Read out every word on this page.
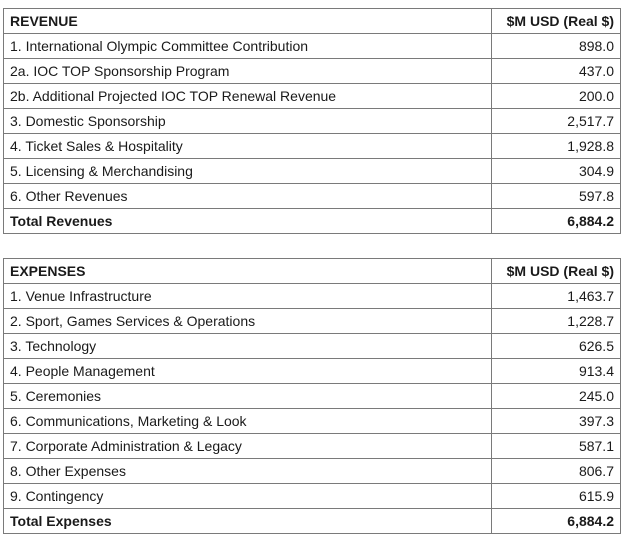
REVENUE	$M USD (Real $)
1. International Olympic Committee Contribution	898.0
2a. IOC TOP Sponsorship Program	437.0
2b. Additional Projected IOC TOP Renewal Revenue	200.0
3. Domestic Sponsorship	2,517.7
4. Ticket Sales & Hospitality	1,928.8
5. Licensing & Merchandising	304.9
6. Other Revenues	597.8
Total Revenues	6,884.2
EXPENSES	$M USD (Real $)
1. Venue Infrastructure	1,463.7
2. Sport, Games Services & Operations	1,228.7
3. Technology	626.5
4. People Management	913.4
5. Ceremonies	245.0
6. Communications, Marketing & Look	397.3
7. Corporate Administration & Legacy	587.1
8. Other Expenses	806.7
9. Contingency	615.9
Total Expenses	6,884.2
